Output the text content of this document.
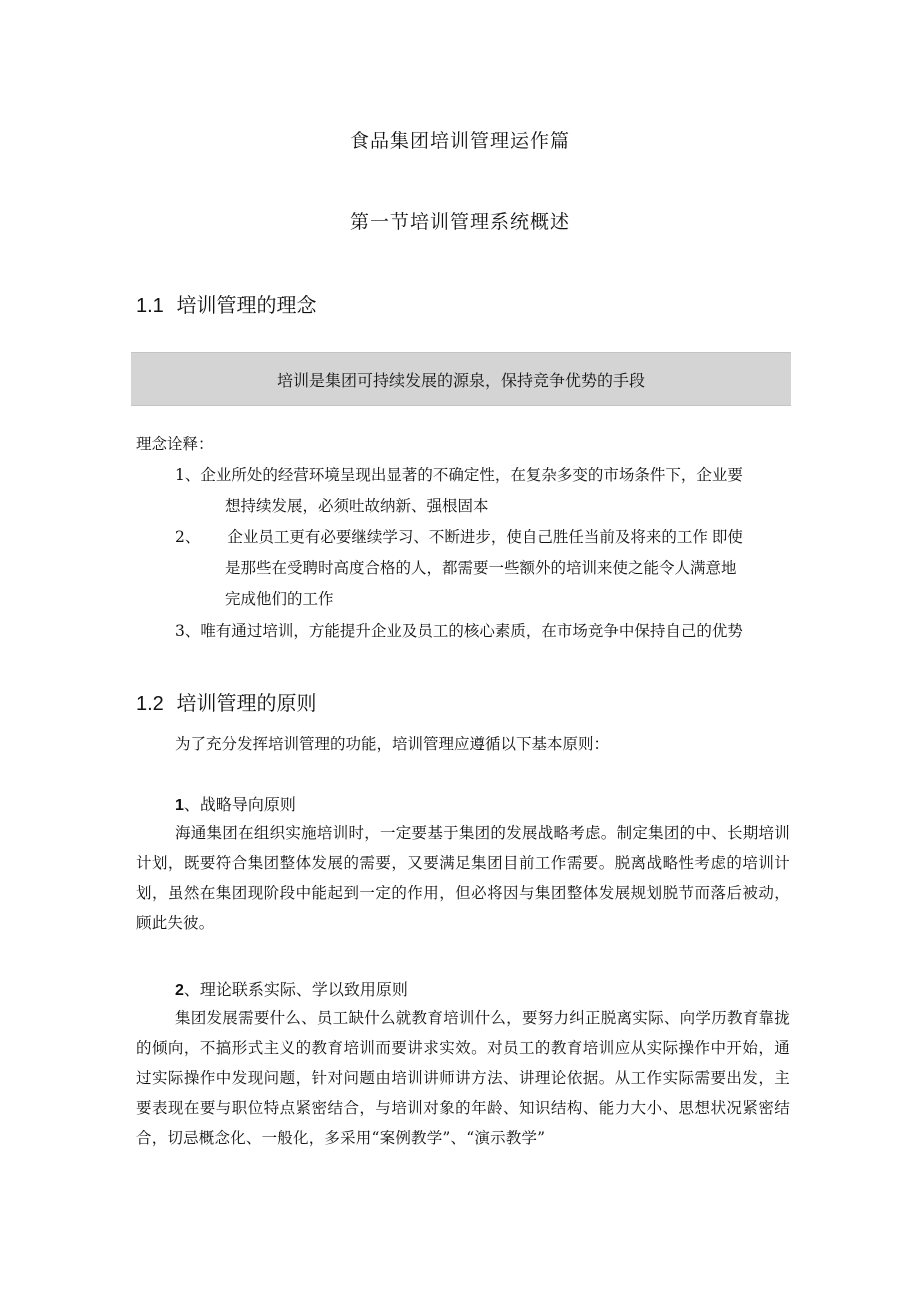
食品集团培训管理运作篇
第一节培训管理系统概述
1.1 培训管理的理念
培训是集团可持续发展的源泉，保持竞争优势的手段
理念诠释：
1、企业所处的经营环境呈现出显著的不确定性，在复杂多变的市场条件下，企业要
想持续发展，必须吐故纳新、强根固本
2、 企业员工更有必要继续学习、不断进步，使自己胜任当前及将来的工作 即使
是那些在受聘时高度合格的人，都需要一些额外的培训来使之能令人满意地
完成他们的工作
3、唯有通过培训，方能提升企业及员工的核心素质，在市场竞争中保持自己的优势
1.2 培训管理的原则
为了充分发挥培训管理的功能，培训管理应遵循以下基本原则：
1、战略导向原则
海通集团在组织实施培训时，一定要基于集团的发展战略考虑。制定集团的中、长期培训计划，既要符合集团整体发展的需要，又要满足集团目前工作需要。脱离战略性考虑的培训计划，虽然在集团现阶段中能起到一定的作用，但必将因与集团整体发展规划脱节而落后被动，顾此失彼。
2、理论联系实际、学以致用原则
集团发展需要什么、员工缺什么就教育培训什么，要努力纠正脱离实际、向学历教育靠拢的倾向，不搞形式主义的教育培训而要讲求实效。对员工的教育培训应从实际操作中开始，通过实际操作中发现问题，针对问题由培训讲师讲方法、讲理论依据。从工作实际需要出发，主要表现在要与职位特点紧密结合，与培训对象的年龄、知识结构、能力大小、思想状况紧密结合，切忌概念化、一般化，多采用“案例教学”、“演示教学”
